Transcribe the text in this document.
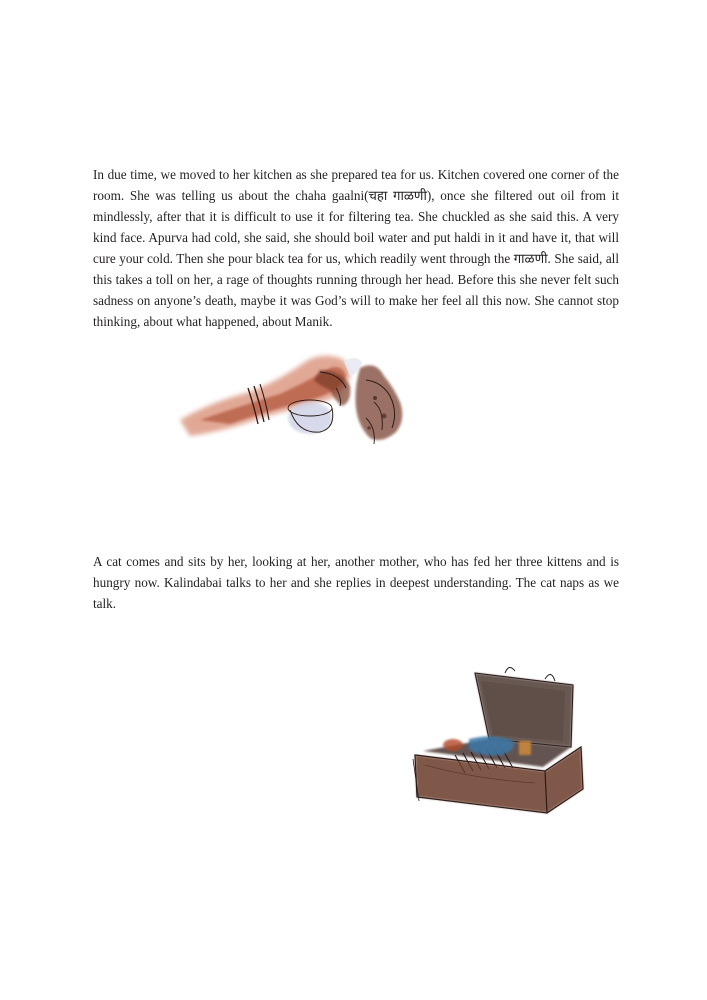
In due time, we moved to her kitchen as she prepared tea for us. Kitchen covered one corner of the room. She was telling us about the chaha gaalni(चहा गाळणी), once she filtered out oil from it mindlessly, after that it is difficult to use it for filtering tea. She chuckled as she said this. A very kind face. Apurva had cold, she said, she should boil water and put haldi in it and have it, that will cure your cold. Then she pour black tea for us, which readily went through the गाळणी. She said, all this takes a toll on her, a rage of thoughts running through her head. Before this she never felt such sadness on anyone’s death, maybe it was God’s will to make her feel all this now. She cannot stop thinking, about what happened, about Manik.

A cat comes and sits by her, looking at her, another mother, who has fed her three kittens and is hungry now. Kalindabai talks to her and she replies in deepest understanding. The cat naps as we talk.
